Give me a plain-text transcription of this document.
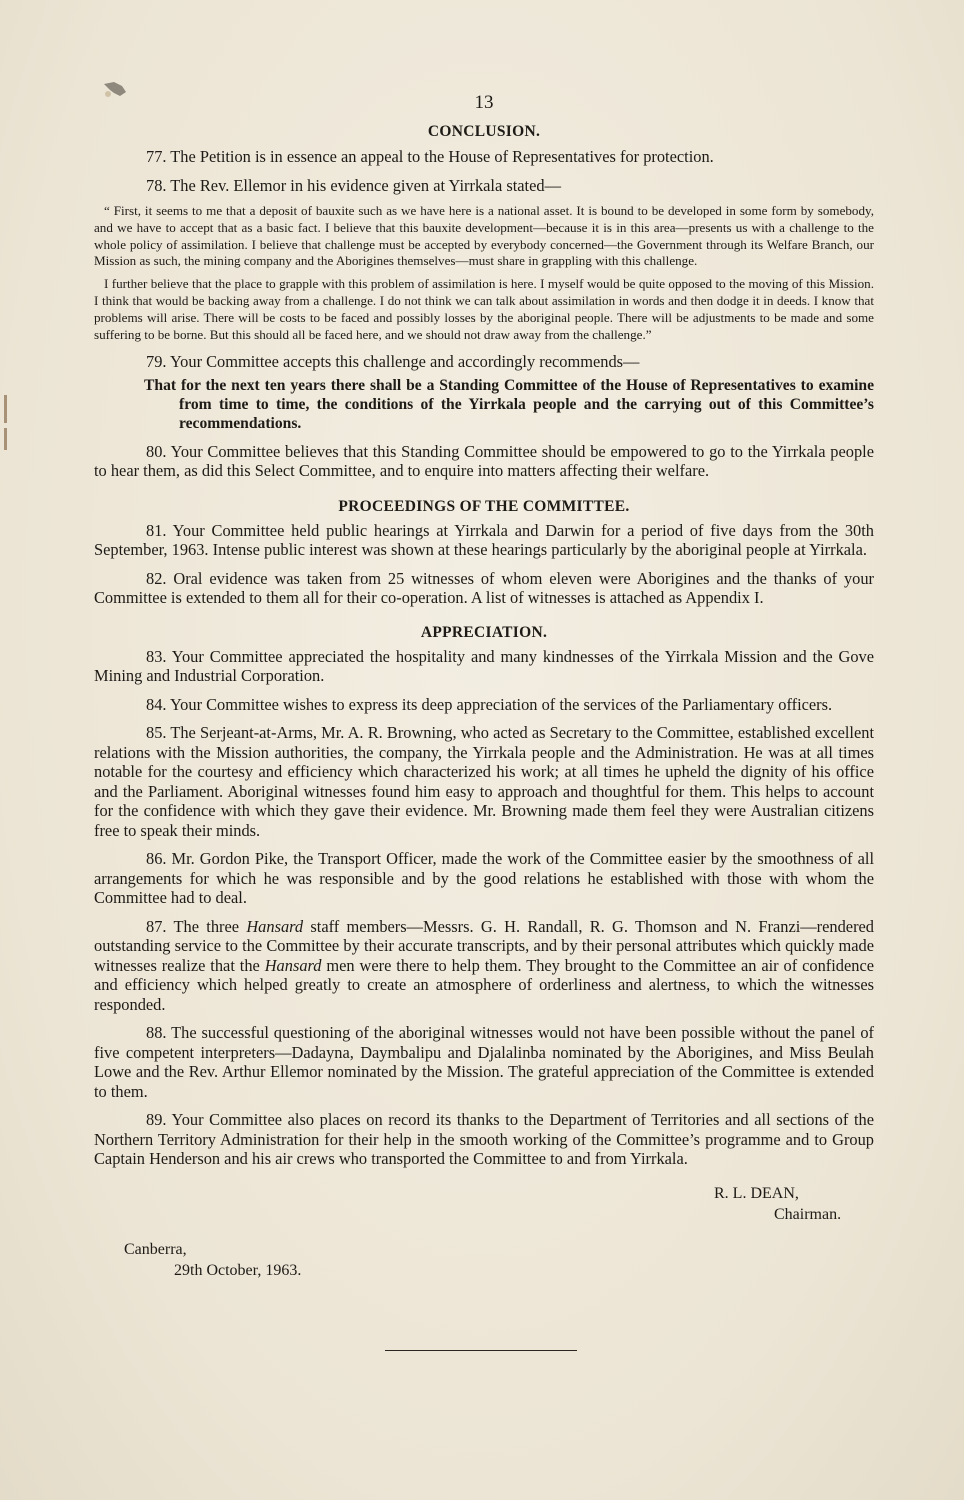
13

CONCLUSION.

77. The Petition is in essence an appeal to the House of Representatives for protection.

78. The Rev. Ellemor in his evidence given at Yirrkala stated—

“ First, it seems to me that a deposit of bauxite such as we have here is a national asset. It is bound to be developed in some form by somebody, and we have to accept that as a basic fact. I believe that this bauxite development—because it is in this area—presents us with a challenge to the whole policy of assimilation. I believe that challenge must be accepted by everybody concerned—the Government through its Welfare Branch, our Mission as such, the mining company and the Aborigines themselves—must share in grappling with this challenge.

I further believe that the place to grapple with this problem of assimilation is here. I myself would be quite opposed to the moving of this Mission. I think that would be backing away from a challenge. I do not think we can talk about assimilation in words and then dodge it in deeds. I know that problems will arise. There will be costs to be faced and possibly losses by the aboriginal people. There will be adjustments to be made and some suffering to be borne. But this should all be faced here, and we should not draw away from the challenge.”

79. Your Committee accepts this challenge and accordingly recommends—

That for the next ten years there shall be a Standing Committee of the House of Representatives to examine from time to time, the conditions of the Yirrkala people and the carrying out of this Committee’s recommendations.

80. Your Committee believes that this Standing Committee should be empowered to go to the Yirrkala people to hear them, as did this Select Committee, and to enquire into matters affecting their welfare.

PROCEEDINGS OF THE COMMITTEE.

81. Your Committee held public hearings at Yirrkala and Darwin for a period of five days from the 30th September, 1963. Intense public interest was shown at these hearings particularly by the aboriginal people at Yirrkala.

82. Oral evidence was taken from 25 witnesses of whom eleven were Aborigines and the thanks of your Committee is extended to them all for their co-operation. A list of witnesses is attached as Appendix I.

APPRECIATION.

83. Your Committee appreciated the hospitality and many kindnesses of the Yirrkala Mission and the Gove Mining and Industrial Corporation.

84. Your Committee wishes to express its deep appreciation of the services of the Parliamentary officers.

85. The Serjeant-at-Arms, Mr. A. R. Browning, who acted as Secretary to the Committee, established excellent relations with the Mission authorities, the company, the Yirrkala people and the Administration. He was at all times notable for the courtesy and efficiency which characterized his work; at all times he upheld the dignity of his office and the Parliament. Aboriginal witnesses found him easy to approach and thoughtful for them. This helps to account for the confidence with which they gave their evidence. Mr. Browning made them feel they were Australian citizens free to speak their minds.

86. Mr. Gordon Pike, the Transport Officer, made the work of the Committee easier by the smoothness of all arrangements for which he was responsible and by the good relations he established with those with whom the Committee had to deal.

87. The three Hansard staff members—Messrs. G. H. Randall, R. G. Thomson and N. Franzi—rendered outstanding service to the Committee by their accurate transcripts, and by their personal attributes which quickly made witnesses realize that the Hansard men were there to help them. They brought to the Committee an air of confidence and efficiency which helped greatly to create an atmosphere of orderliness and alertness, to which the witnesses responded.

88. The successful questioning of the aboriginal witnesses would not have been possible without the panel of five competent interpreters—Dadayna, Daymbalipu and Djalalinba nominated by the Aborigines, and Miss Beulah Lowe and the Rev. Arthur Ellemor nominated by the Mission. The grateful appreciation of the Committee is extended to them.

89. Your Committee also places on record its thanks to the Department of Territories and all sections of the Northern Territory Administration for their help in the smooth working of the Committee’s programme and to Group Captain Henderson and his air crews who transported the Committee to and from Yirrkala.

R. L. DEAN,
Chairman.
Canberra,
29th October, 1963.
